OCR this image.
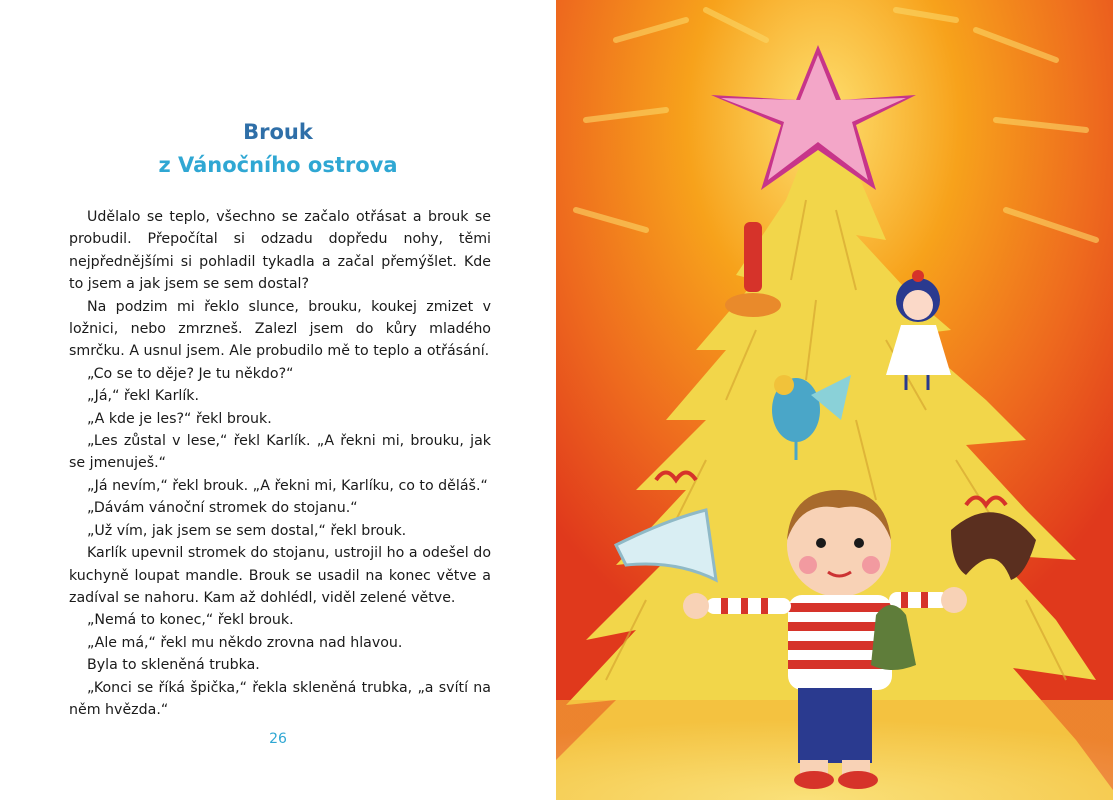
Brouk
z Vánočního ostrova

Udělalo se teplo, všechno se začalo otřásat a brouk se probudil. Přepočítal si odzadu dopředu nohy, těmi nejpřednějšími si pohladil tykadla a začal přemýšlet. Kde to jsem a jak jsem se sem dostal?

Na podzim mi řeklo slunce, brouku, koukej zmizet v ložnici, nebo zmrzneš. Zalezl jsem do kůry mladého smrčku. A usnul jsem. Ale probudilo mě to teplo a otřásání.

„Co se to děje? Je tu někdo?“

„Já,“ řekl Karlík.

„A kde je les?“ řekl brouk.

„Les zůstal v lese,“ řekl Karlík. „A řekni mi, brouku, jak se jmenuješ.“

„Já nevím,“ řekl brouk. „A řekni mi, Karlíku, co to děláš.“

„Dávám vánoční stromek do stojanu.“

„Už vím, jak jsem se sem dostal,“ řekl brouk.

Karlík upevnil stromek do stojanu, ustrojil ho a odešel do kuchyně loupat mandle. Brouk se usadil na konec větve a zadíval se nahoru. Kam až dohlédl, viděl zelené větve.

„Nemá to konec,“ řekl brouk.

„Ale má,“ řekl mu někdo zrovna nad hlavou.

Byla to skleněná trubka.

„Konci se říká špička,“ řekla skleněná trubka, „a svítí na něm hvězda.“

26
